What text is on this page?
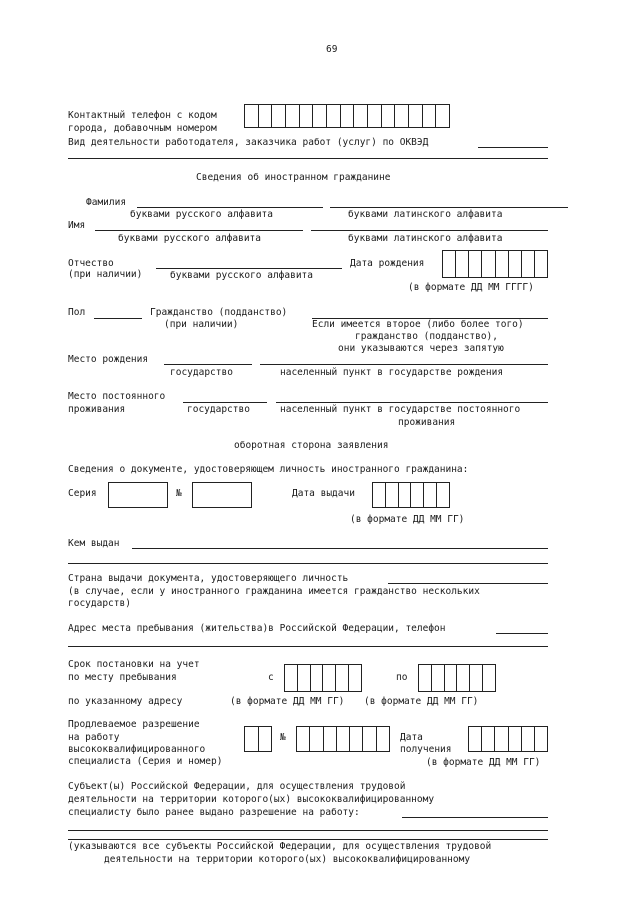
69
Контактный телефон с кодом
города, добавочным номером
Вид деятельности работодателя, заказчика работ (услуг) по ОКВЭД
Сведения об иностранном гражданине
Фамилия
буквами русского алфавита	буквами латинского алфавита
Имя
буквами русского алфавита	буквами латинского алфавита
Отчество
(при наличии)	буквами русского алфавита
Дата рождения
(в формате ДД ММ ГГГГ)
Пол	Гражданство (подданство)
(при наличии)	Если имеется второе (либо более того)
гражданство (подданство),
они указываются через запятую
Место рождения
государство	населенный пункт в государстве рождения
Место постоянного
проживания	государство	населенный пункт в государстве постоянного
проживания
оборотная сторона заявления
Сведения о документе, удостоверяющем личность иностранного гражданина:
Серия	№	Дата выдачи
(в формате ДД ММ ГГ)
Кем выдан
Страна выдачи документа, удостоверяющего личность
(в случае, если у иностранного гражданина имеется гражданство нескольких
государств)
Адрес места пребывания (жительства)в Российской Федерации, телефон
Срок постановки на учет
по месту пребывания
по указанному адресу
с	по
(в формате ДД ММ ГГ) (в формате ДД ММ ГГ)
Продлеваемое разрешение
на работу
высококвалифицированного
специалиста (Серия и номер)
№	Дата
получения
(в формате ДД ММ ГГ)
Субъект(ы) Российской Федерации, для осуществления трудовой
деятельности на территории которого(ых) высококвалифицированному
специалисту было ранее выдано разрешение на работу:
(указываются все субъекты Российской Федерации, для осуществления трудовой
деятельности на территории которого(ых) высококвалифицированному
